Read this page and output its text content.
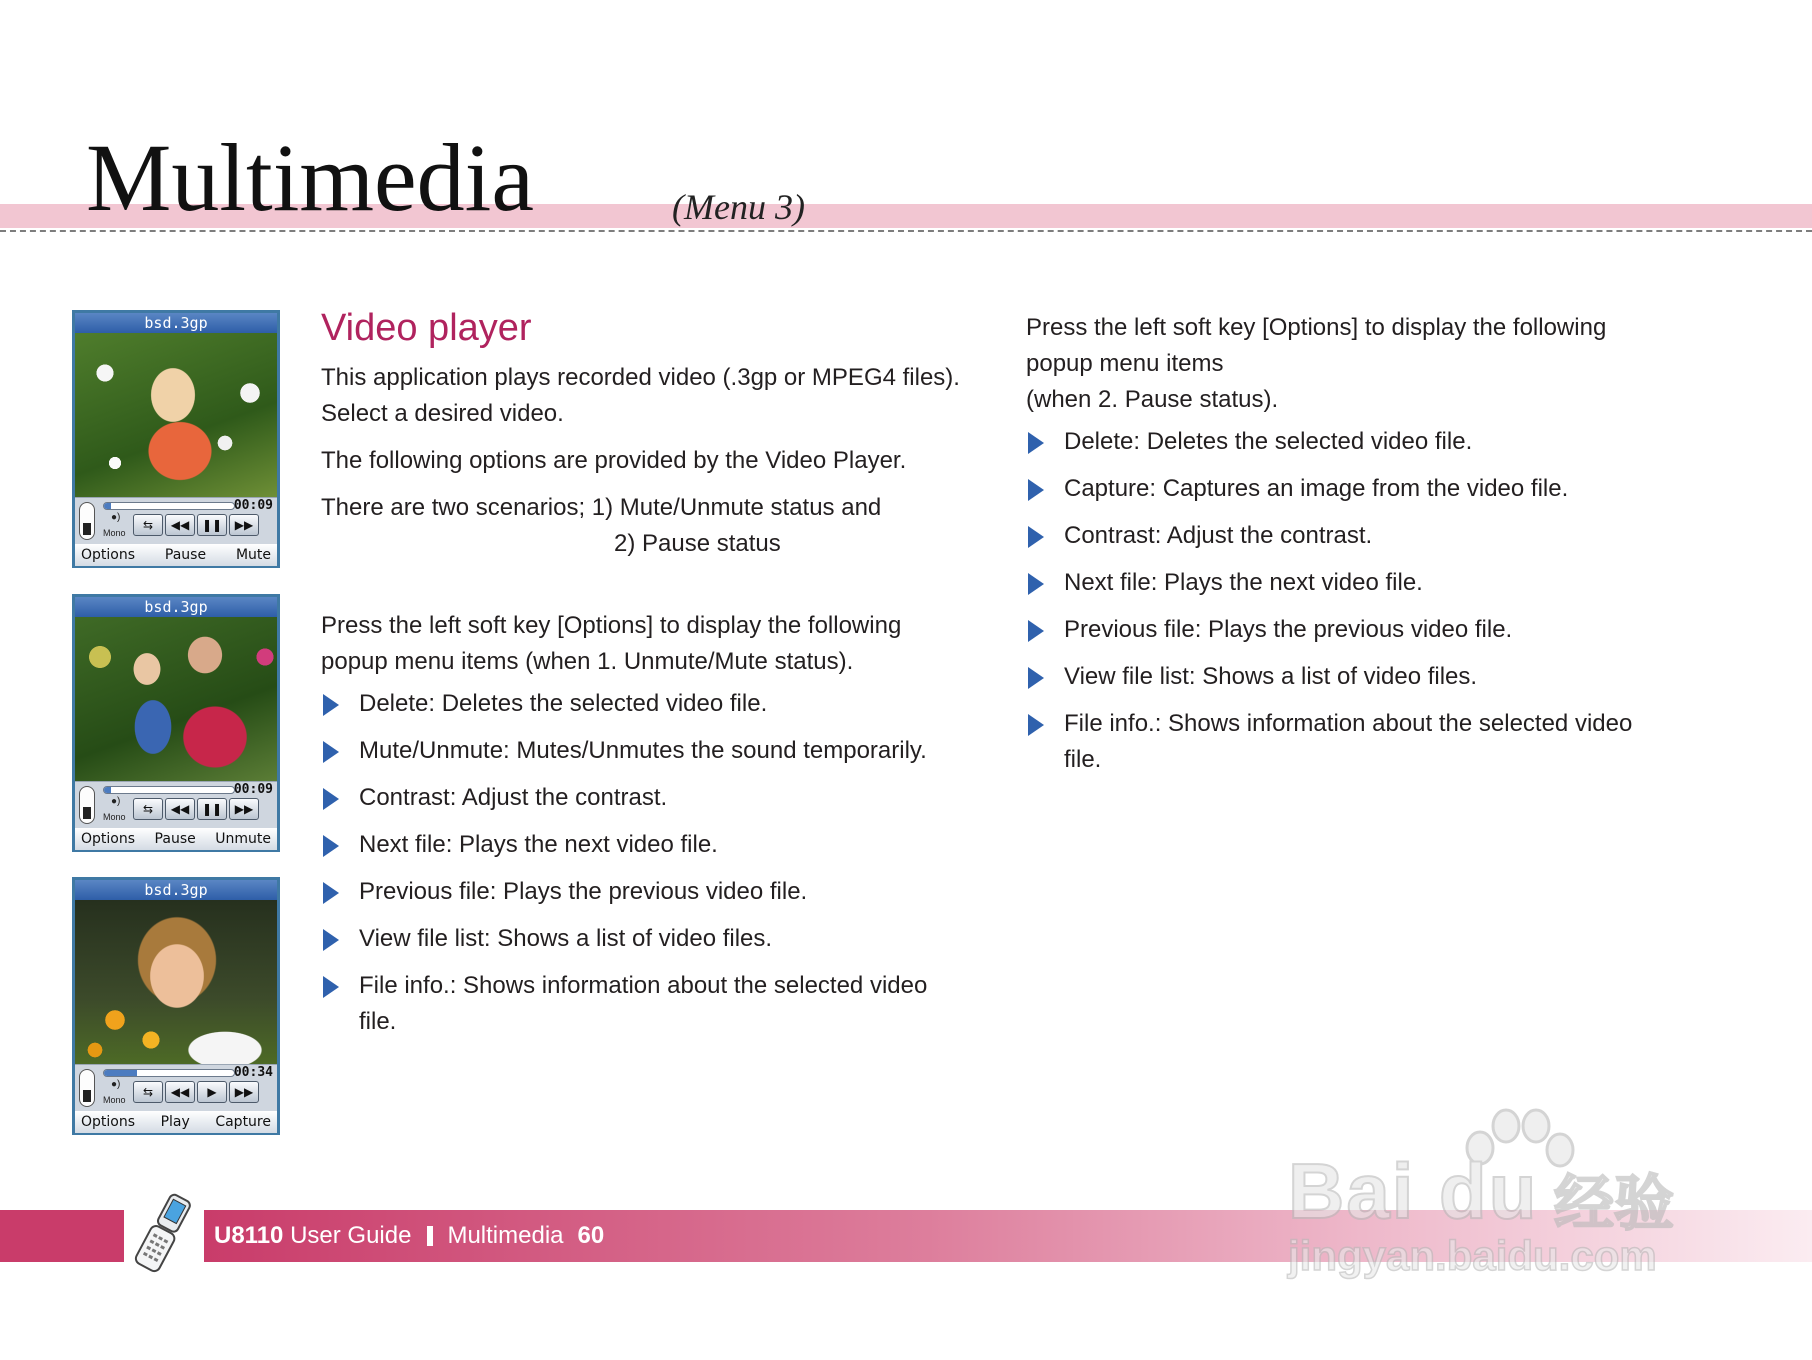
Multimedia	(Menu 3)
bsd.3gp
00:09
●)
Mono
⇆	◀◀	❚❚	▶▶
Options Pause Mute
bsd.3gp
00:09
●)
Mono
⇆	◀◀	❚❚	▶▶
Options Pause Unmute
bsd.3gp
00:34
●)
Mono
⇆	◀◀	▶	▶▶
Options Play Capture
Video player

This application plays recorded video (.3gp or MPEG4 files). Select a desired video.

The following options are provided by the Video Player.

There are two scenarios; 1) Mute/Unmute status and

2) Pause status

Press the left soft key [Options] to display the following popup menu items (when 1. Unmute/Mute status).

Delete: Deletes the selected video file.
Mute/Unmute: Mutes/Unmutes the sound temporarily.
Contrast: Adjust the contrast.
Next file: Plays the next video file.
Previous file: Plays the previous video file.
View file list: Shows a list of video files.
File info.: Shows information about the selected video file.

Press the left soft key [Options] to display the following popup menu items

(when 2. Pause status).

Delete: Deletes the selected video file.
Capture: Captures an image from the video file.
Contrast: Adjust the contrast.
Next file: Plays the next video file.
Previous file: Plays the previous video file.
View file list: Shows a list of video files.
File info.: Shows information about the selected video file.
U8110 User Guide Multimedia 60
Bai du 经验
jingyan.baidu.com
